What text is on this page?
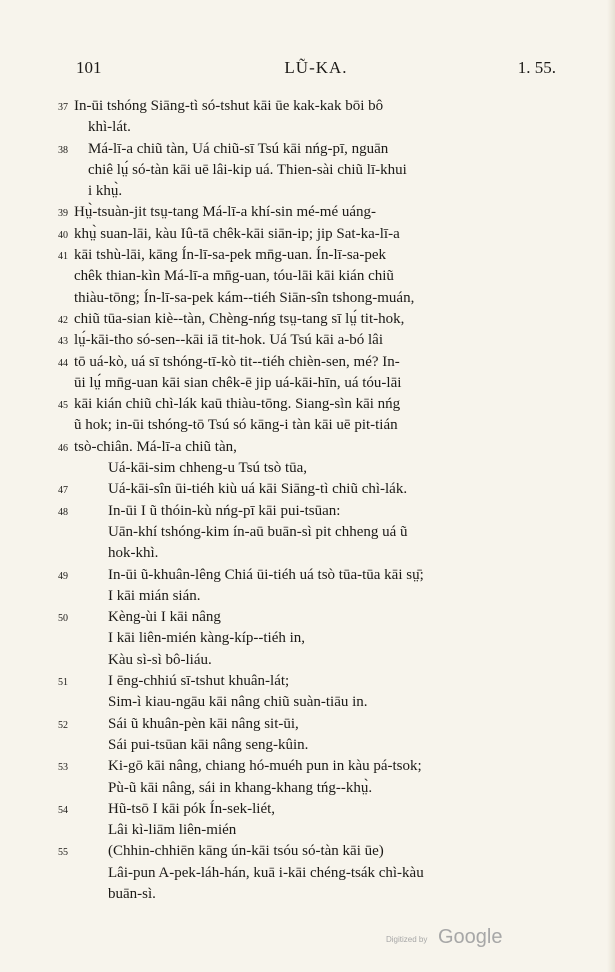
101	LŨ-KA.	1. 55.
37 In-ūi tshóng Siāng-tì só-tshut kāi ūe kak-kak bōi bô
khì-lát.
38 Má-lī-a chiũ tàn, Uá chiũ-sī Tsú kāi nńg-pī, nguān
chiê lṳ́ só-tàn kāi uē lâi-kip uá. Thien-sài chiũ lī-khui
i khṳ̀.
39 Hṳ̀-tsuàn-jit tsṳ-tang Má-lī-a khí-sin mé-mé uáng-
40 khṳ̀ suan-lāi, kàu Iû-tā chêk-kāi siān-ip; jip Sat-ka-lī-a
41 kāi tshù-lāi, kāng Ín-lī-sa-pek mn̄g-uan. Ín-lī-sa-pek
chêk thian-kìn Má-lī-a mn̄g-uan, tóu-lāi kāi kián chiũ
thiàu-tōng; Ín-lī-sa-pek kám--tiéh Siān-sîn tshong-muán,
42 chiũ tūa-sian kiè--tàn, Chèng-nńg tsṳ-tang sī lṳ́ tit-hok,
43 lṳ́-kāi-tho só-sen--kāi iā tit-hok. Uá Tsú kāi a-bó lâi
44 tō uá-kò, uá sī tshóng-tī-kò tit--tiéh chièn-sen, mé? In-
ūi lṳ́ mn̄g-uan kāi sian chêk-ē jip uá-kāi-hīn, uá tóu-lāi
45 kāi kián chiũ chì-lák kaū thiàu-tōng. Siang-sìn kāi nńg
ũ hok; in-ūi tshóng-tō Tsú só kāng-i tàn kāi uē pit-tián
46 tsò-chiân. Má-lī-a chiũ tàn,
Uá-kāi-sim chheng-u Tsú tsò tūa,
47	Uá-kāi-sîn ūi-tiéh kiù uá kāi Siāng-tì chiũ chì-lák.
48	In-ūi I ũ thóin-kù nńg-pī kāi pui-tsūan:
Uān-khí tshóng-kim ín-aū buān-sì pit chheng uá ũ
hok-khì.
49	In-ūi ũ-khuân-lêng Chiá ūi-tiéh uá tsò tūa-tūa kāi sṳ̄;
I kāi mián sián.
50	Kèng-ùi I kāi nâng
I kāi liên-mién kàng-kíp--tiéh in,
Kàu sì-sì bô-liáu.
51	I ēng-chhiú sī-tshut khuân-lát;
Sim-ì kiau-ngāu kāi nâng chiũ suàn-tiāu in.
52	Sái ũ khuân-pèn kāi nâng sit-ūi,
Sái pui-tsūan kāi nâng seng-kûin.
53	Ki-gō kāi nâng, chiang hó-muéh pun in kàu pá-tsok;
Pù-ũ kāi nâng, sái in khang-khang tńg--khṳ̀.
54	Hũ-tsō I kāi pók Ín-sek-liét,
Lâi kì-liām liên-mién
55	(Chhin-chhiēn kāng ún-kāi tsóu só-tàn kāi ūe)
Lâi-pun A-pek-láh-hán, kuā i-kāi chéng-tsák chì-kàu
buān-sì.
Digitized by Google
